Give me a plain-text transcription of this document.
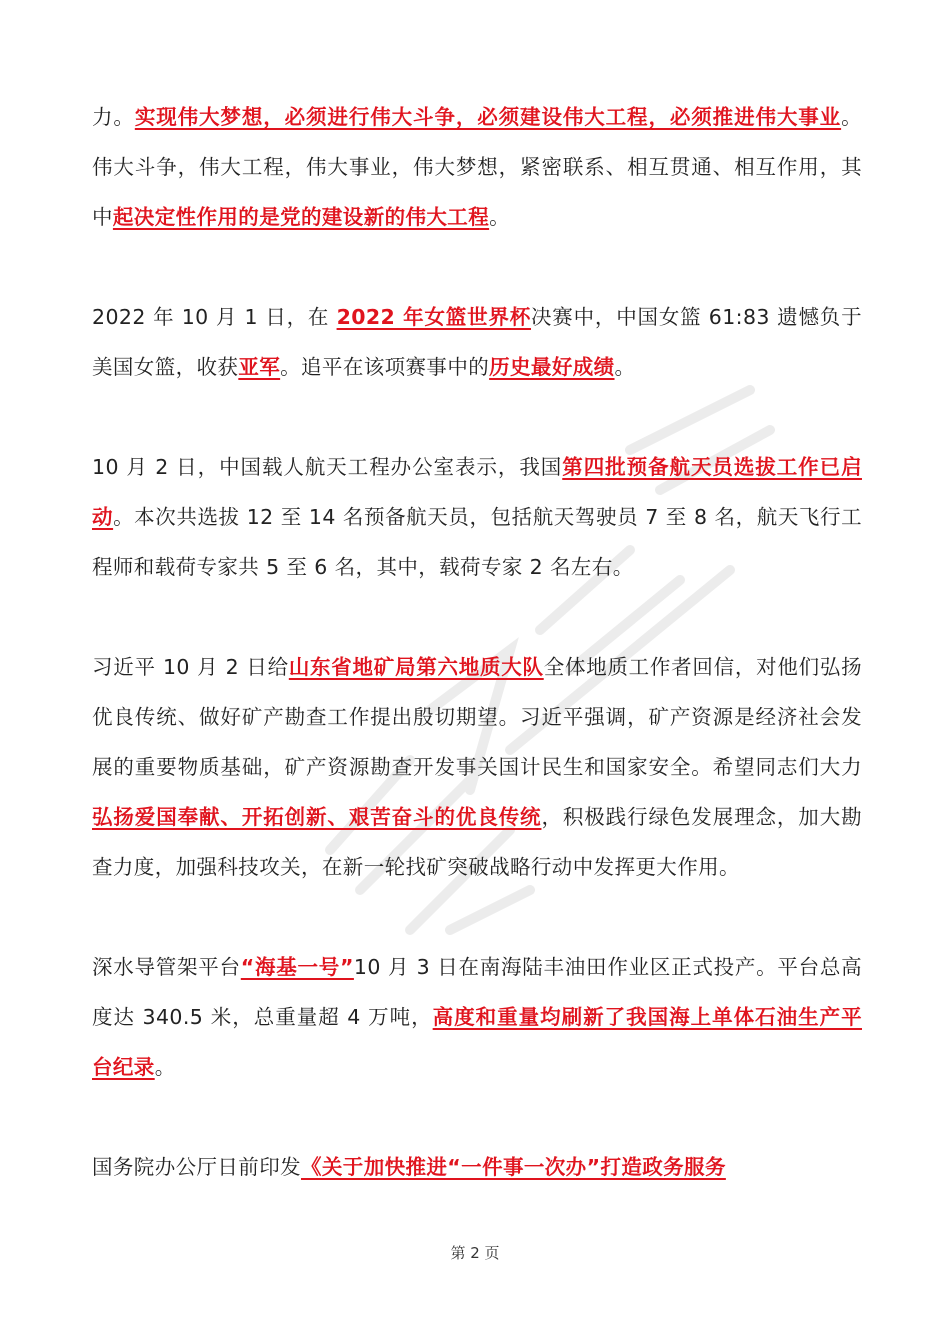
力。实现伟大梦想，必须进行伟大斗争，必须建设伟大工程，必须推进伟大事业。伟大斗争，伟大工程，伟大事业，伟大梦想，紧密联系、相互贯通、相互作用，其中起决定性作用的是党的建设新的伟大工程。

2022 年 10 月 1 日，在 2022 年女篮世界杯决赛中，中国女篮 61:83 遗憾负于美国女篮，收获亚军。追平在该项赛事中的历史最好成绩。

10 月 2 日，中国载人航天工程办公室表示，我国第四批预备航天员选拔工作已启动。本次共选拔 12 至 14 名预备航天员，包括航天驾驶员 7 至 8 名，航天飞行工程师和载荷专家共 5 至 6 名，其中，载荷专家 2 名左右。

习近平 10 月 2 日给山东省地矿局第六地质大队全体地质工作者回信，对他们弘扬优良传统、做好矿产勘查工作提出殷切期望。习近平强调，矿产资源是经济社会发展的重要物质基础，矿产资源勘查开发事关国计民生和国家安全。希望同志们大力弘扬爱国奉献、开拓创新、艰苦奋斗的优良传统，积极践行绿色发展理念，加大勘查力度，加强科技攻关，在新一轮找矿突破战略行动中发挥更大作用。

深水导管架平台“海基一号”10 月 3 日在南海陆丰油田作业区正式投产。平台总高度达 340.5 米，总重量超 4 万吨，高度和重量均刷新了我国海上单体石油生产平台纪录。

国务院办公厅日前印发《关于加快推进“一件事一次办”打造政务服务

第 2 页
